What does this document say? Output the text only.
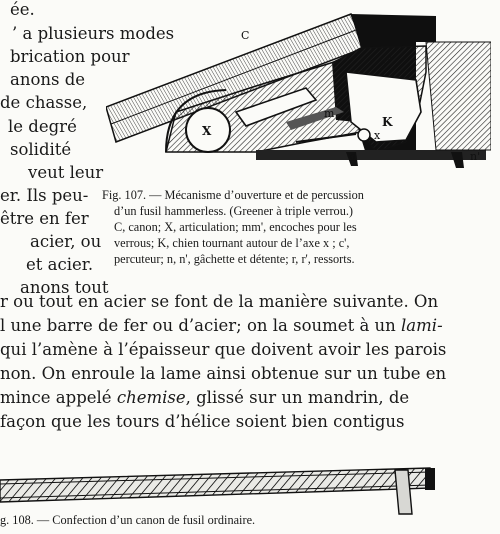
ée.
’ a plusieurs modes
brication pour
anons de
de chasse,
le degré
solidité
veut leur
er. Ils peu-
être en fer
acier, ou
et acier.
anons tout
C
c'
X
m
x
K
n	n'

Fig. 107. — Mécanisme d’ouverture et de percussion

d’un fusil hammerless. (Greener à triple verrou.)

C, canon; X, articulation; mm', encoches pour les

verrous; K, chien tournant autour de l’axe x ; c',

percuteur; n, n', gâchette et détente; r, r', ressorts.

r ou tout en acier se font de la manière suivante. On
l une barre de fer ou d’acier; on la soumet à un lami-
qui l’amène à l’épaisseur que doivent avoir les parois
non. On enroule la lame ainsi obtenue sur un tube en
mince appelé chemise, glissé sur un mandrin, de
façon que les tours d’hélice soient bien contigus

g. 108. — Confection d’un canon de fusil ordinaire.
